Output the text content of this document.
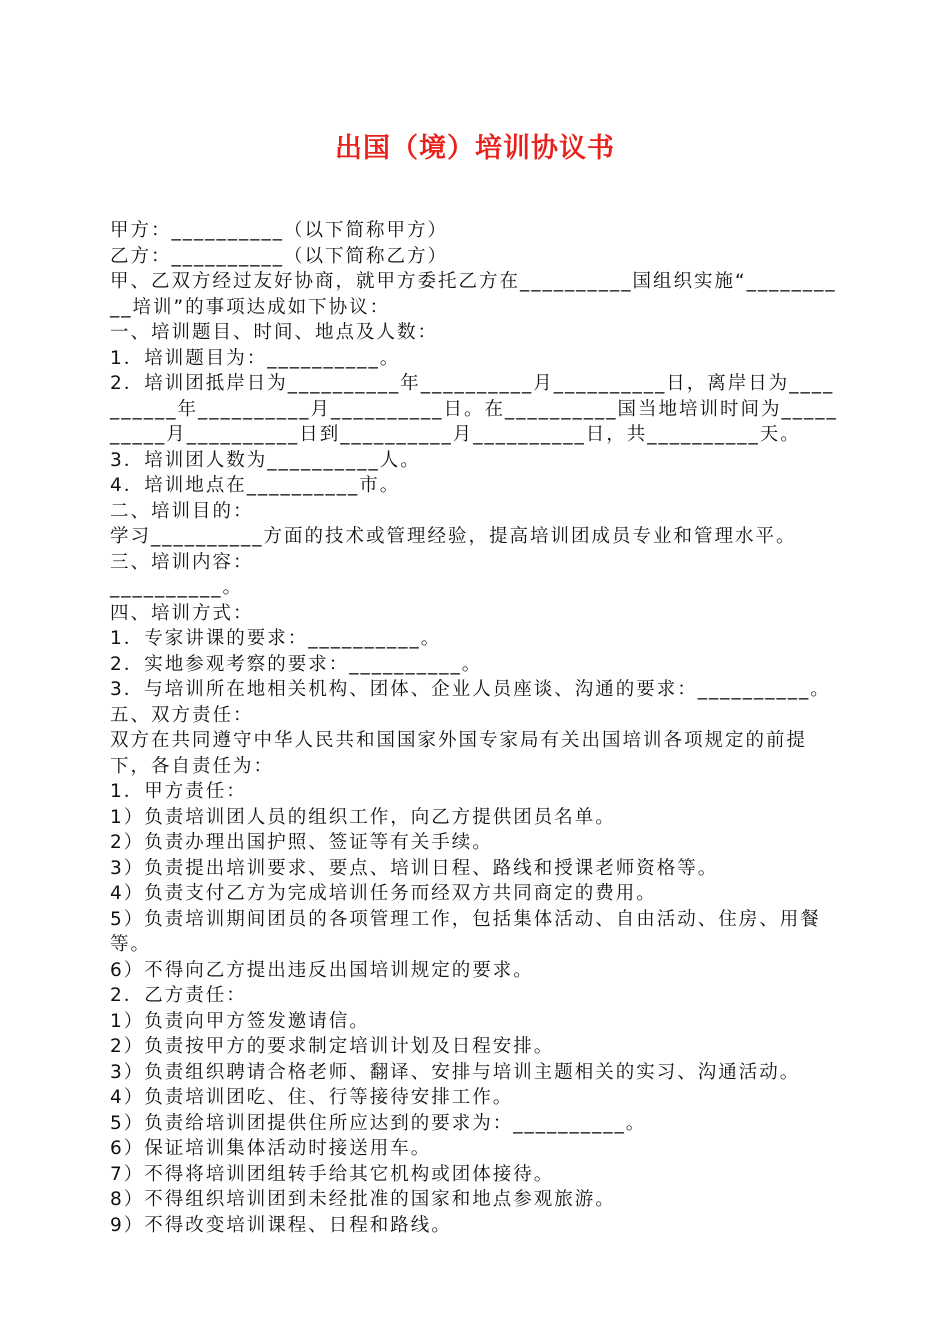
出国（境）培训协议书

甲方：__________（以下简称甲方）

乙方：__________（以下简称乙方）

甲、乙双方经过友好协商，就甲方委托乙方在__________国组织实施“__________培训”的事项达成如下协议：

一、培训题目、时间、地点及人数：

1．培训题目为：__________。

2．培训团抵岸日为__________年__________月__________日，离岸日为__________年__________月__________日。在__________国当地培训时间为__________月__________日到__________月__________日，共__________天。

3．培训团人数为__________人。

4．培训地点在__________市。

二、培训目的：

学习__________方面的技术或管理经验，提高培训团成员专业和管理水平。

三、培训内容：

__________。

四、培训方式：

1．专家讲课的要求：__________。

2．实地参观考察的要求：__________。

3．与培训所在地相关机构、团体、企业人员座谈、沟通的要求：__________。

五、双方责任：

双方在共同遵守中华人民共和国国家外国专家局有关出国培训各项规定的前提下，各自责任为：

1．甲方责任：

1）负责培训团人员的组织工作，向乙方提供团员名单。

2）负责办理出国护照、签证等有关手续。

3）负责提出培训要求、要点、培训日程、路线和授课老师资格等。

4）负责支付乙方为完成培训任务而经双方共同商定的费用。

5）负责培训期间团员的各项管理工作，包括集体活动、自由活动、住房、用餐等。

6）不得向乙方提出违反出国培训规定的要求。

2．乙方责任：

1）负责向甲方签发邀请信。

2）负责按甲方的要求制定培训计划及日程安排。

3）负责组织聘请合格老师、翻译、安排与培训主题相关的实习、沟通活动。

4）负责培训团吃、住、行等接待安排工作。

5）负责给培训团提供住所应达到的要求为：__________。

6）保证培训集体活动时接送用车。

7）不得将培训团组转手给其它机构或团体接待。

8）不得组织培训团到未经批准的国家和地点参观旅游。

9）不得改变培训课程、日程和路线。
